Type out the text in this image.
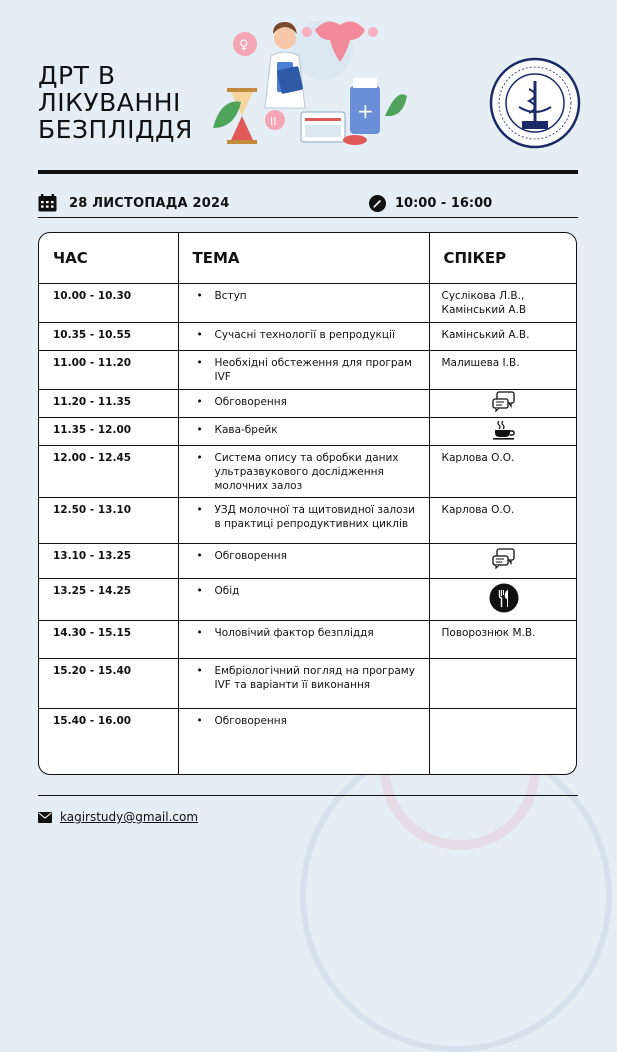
ДРТ В
ЛІКУВАННІ
БЕЗПЛІДДЯ
♀
+
II
28 ЛИСТОПАДА 2024	10:00 - 16:00
ЧАС	ТЕМА	СПІКЕР
10.00 - 10.30	• Вступ	Суслікова Л.В., Камінський А.В
10.35 - 10.55	• Сучасні технології в репродукції	Камінський А.В.
11.00 - 11.20	• Необхідні обстеження для програм IVF	Малишева І.В.
11.20 - 11.35	• Обговорення

11.35 - 12.00	• Кава-брейк

12.00 - 12.45	• Система опису та обробки даних ультразвукового дослідження молочних залоз	Карлова О.О.
12.50 - 13.10	• УЗД молочної та щитовидної залози в практиці репродуктивних циклів	Карлова О.О.
13.10 - 13.25	• Обговорення

13.25 - 14.25	• Обід

14.30 - 15.15	• Чоловічий фактор безпліддя	Поворознюк М.В.
15.20 - 15.40	• Ембріологічний погляд на програму IVF та варіанти її виконання	

15.40 - 16.00	• Обговорення	

kagirstudy@gmail.com
